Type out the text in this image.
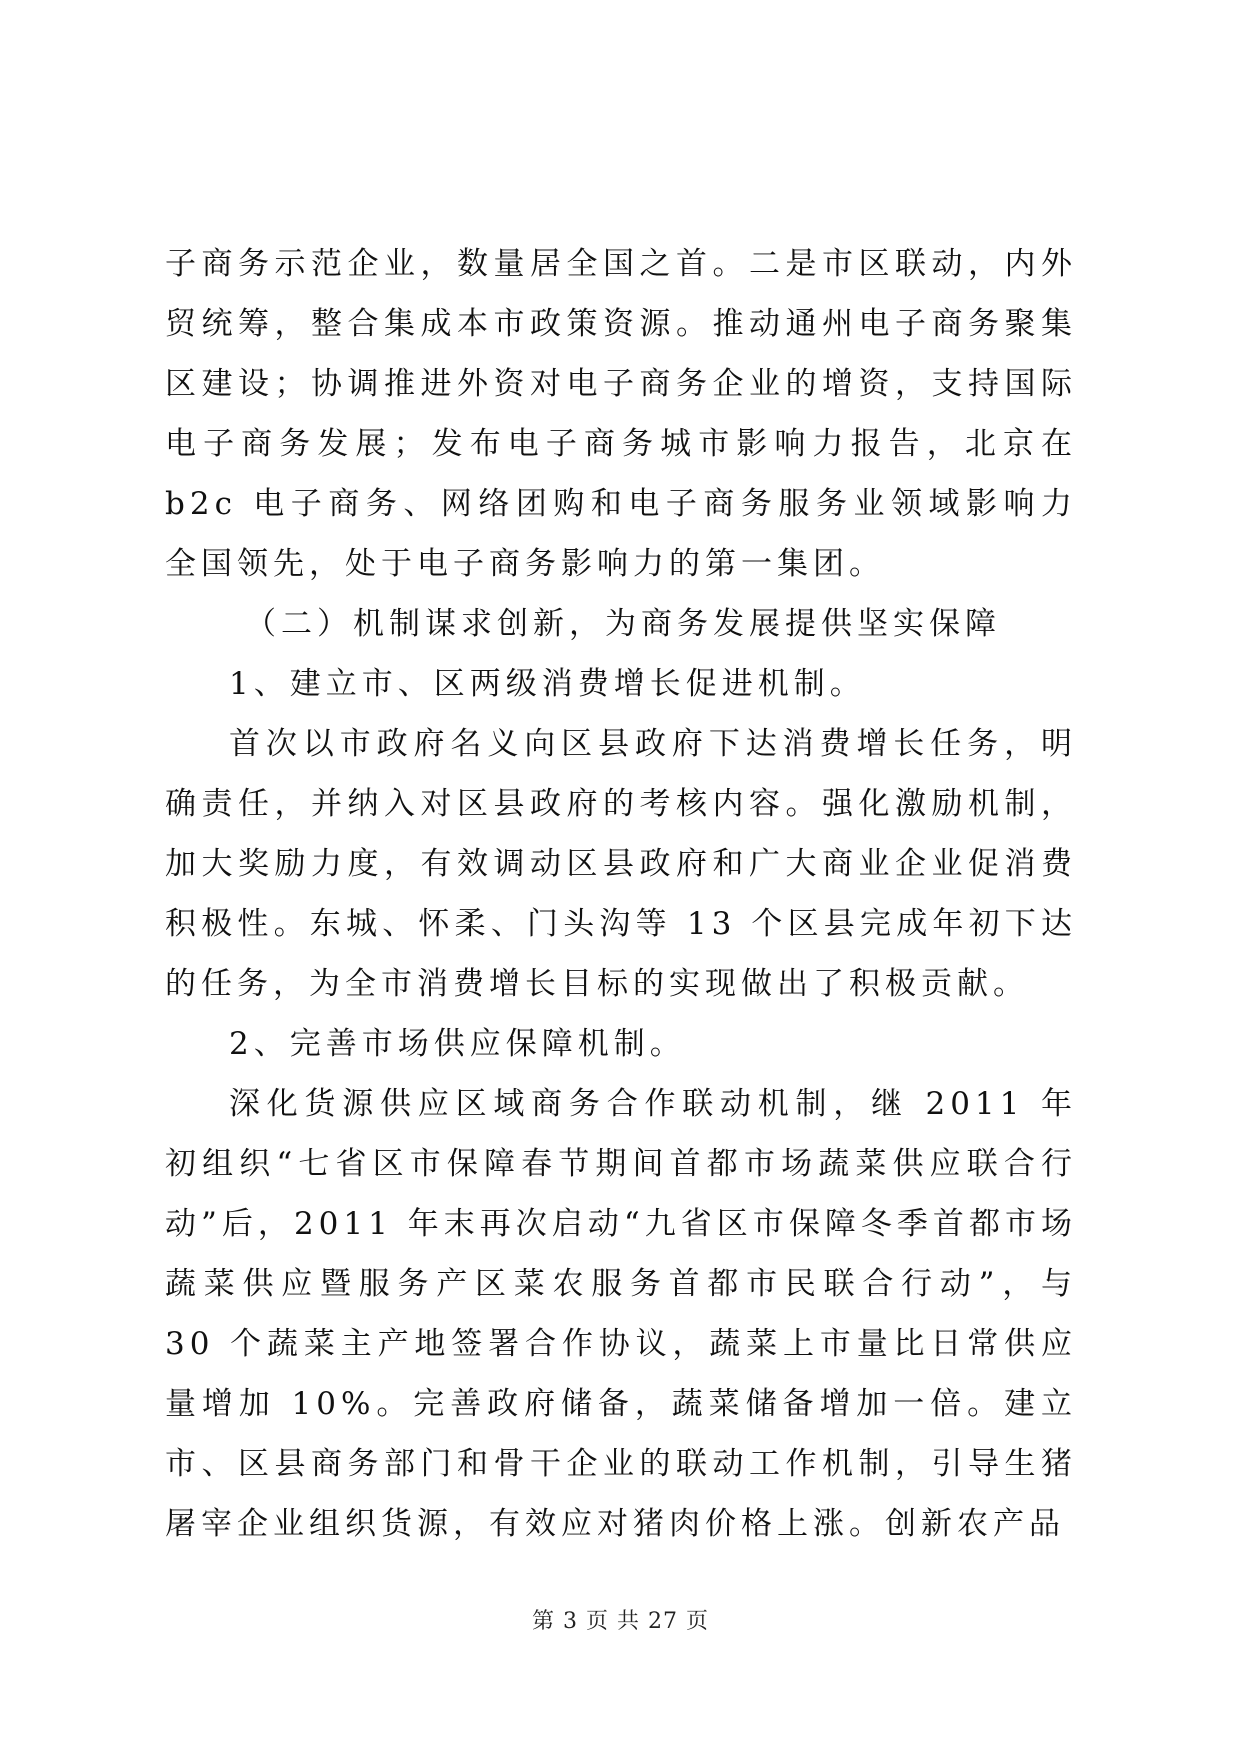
子商务示范企业，数量居全国之首。二是市区联动，内外贸统筹，整合集成本市政策资源。推动通州电子商务聚集区建设；协调推进外资对电子商务企业的增资，支持国际电子商务发展；发布电子商务城市影响力报告，北京在 b2c 电子商务、网络团购和电子商务服务业领域影响力全国领先，处于电子商务影响力的第一集团。

（二）机制谋求创新，为商务发展提供坚实保障

1、建立市、区两级消费增长促进机制。

首次以市政府名义向区县政府下达消费增长任务，明确责任，并纳入对区县政府的考核内容。强化激励机制，加大奖励力度，有效调动区县政府和广大商业企业促消费积极性。东城、怀柔、门头沟等 13 个区县完成年初下达的任务，为全市消费增长目标的实现做出了积极贡献。

2、完善市场供应保障机制。

深化货源供应区域商务合作联动机制，继 2011 年初组织“七省区市保障春节期间首都市场蔬菜供应联合行动”后，2011 年末再次启动“九省区市保障冬季首都市场蔬菜供应暨服务产区菜农服务首都市民联合行动”，与 30 个蔬菜主产地签署合作协议，蔬菜上市量比日常供应量增加 10%。完善政府储备，蔬菜储备增加一倍。建立市、区县商务部门和骨干企业的联动工作机制，引导生猪屠宰企业组织货源，有效应对猪肉价格上涨。创新农产品

第 3 页 共 27 页
